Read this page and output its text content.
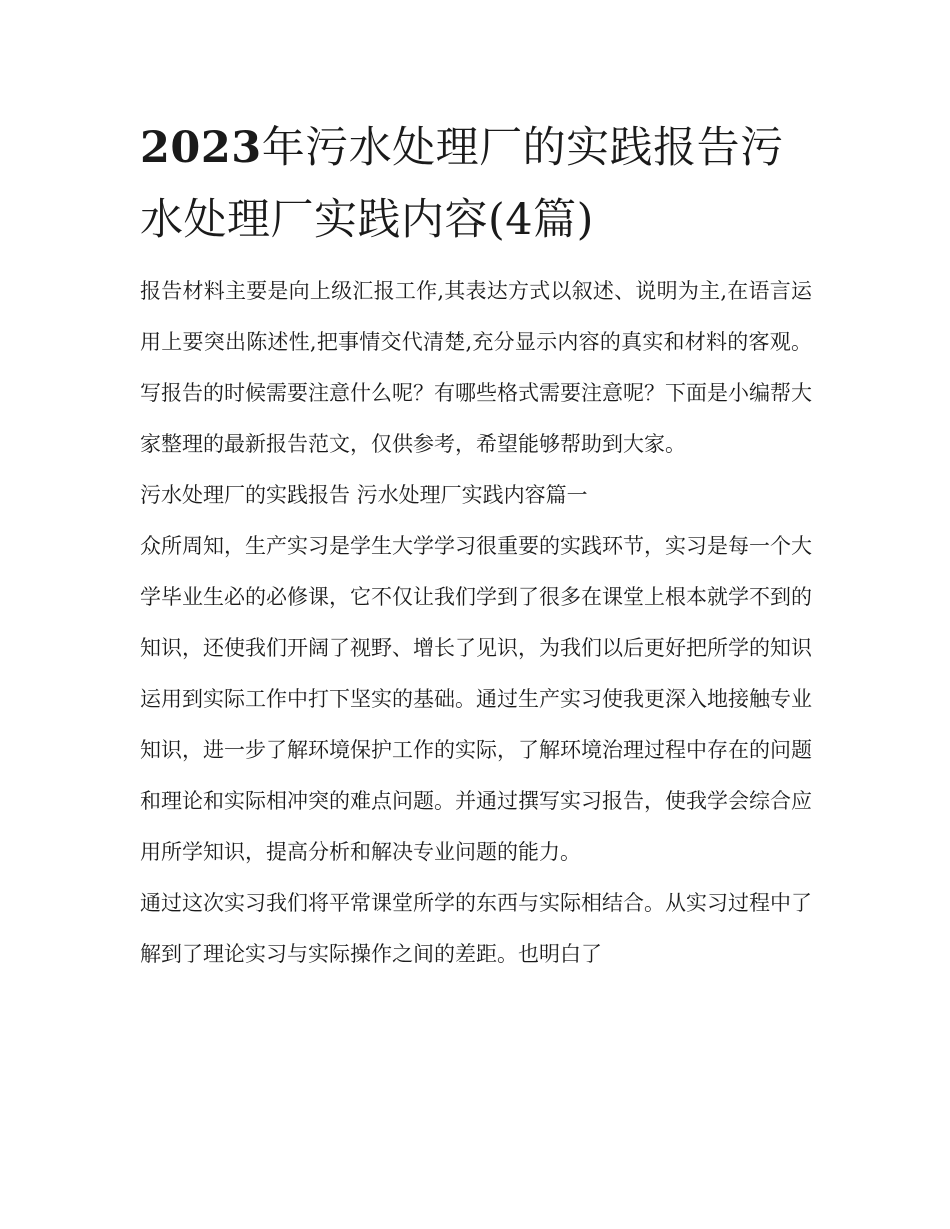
2023年污水处理厂的实践报告污水处理厂实践内容(4篇)

报告材料主要是向上级汇报工作,其表达方式以叙述、说明为主,在语言运用上要突出陈述性,把事情交代清楚,充分显示内容的真实和材料的客观。写报告的时候需要注意什么呢？有哪些格式需要注意呢？下面是小编帮大家整理的最新报告范文，仅供参考，希望能够帮助到大家。

污水处理厂的实践报告 污水处理厂实践内容篇一

众所周知，生产实习是学生大学学习很重要的实践环节，实习是每一个大学毕业生必的必修课，它不仅让我们学到了很多在课堂上根本就学不到的知识，还使我们开阔了视野、增长了见识，为我们以后更好把所学的知识运用到实际工作中打下坚实的基础。通过生产实习使我更深入地接触专业知识，进一步了解环境保护工作的实际，了解环境治理过程中存在的问题和理论和实际相冲突的难点问题。并通过撰写实习报告，使我学会综合应用所学知识，提高分析和解决专业问题的能力。

通过这次实习我们将平常课堂所学的东西与实际相结合。从实习过程中了解到了理论实习与实际操作之间的差距。也明白了
